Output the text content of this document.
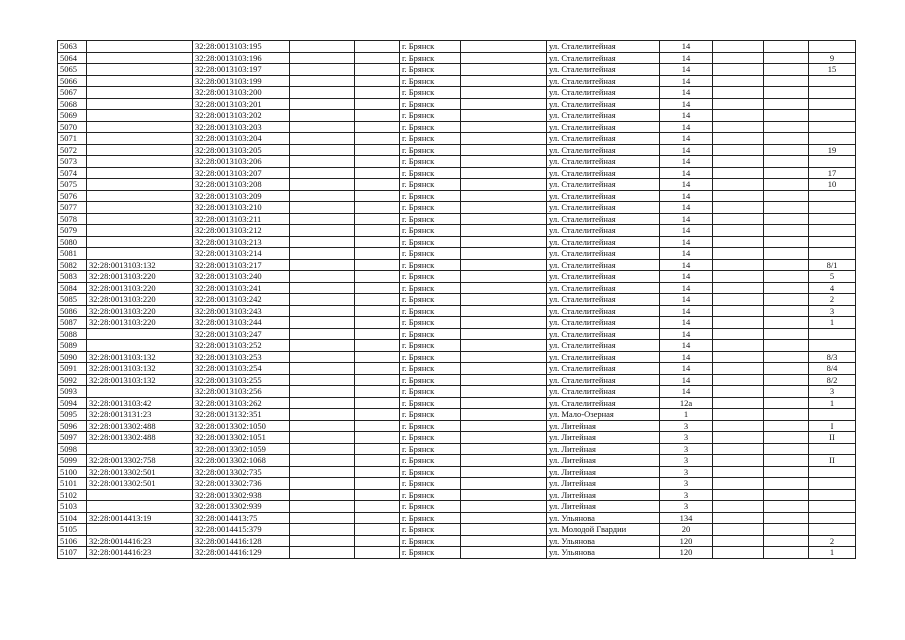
5063		32:28:0013103:195			г. Брянск		ул. Сталелитейная	14			
5064		32:28:0013103:196			г. Брянск		ул. Сталелитейная	14			9
5065		32:28:0013103:197			г. Брянск		ул. Сталелитейная	14			15
5066		32:28:0013103:199			г. Брянск		ул. Сталелитейная	14			
5067		32:28:0013103:200			г. Брянск		ул. Сталелитейная	14			
5068		32:28:0013103:201			г. Брянск		ул. Сталелитейная	14			
5069		32:28:0013103:202			г. Брянск		ул. Сталелитейная	14			
5070		32:28:0013103:203			г. Брянск		ул. Сталелитейная	14			
5071		32:28:0013103:204			г. Брянск		ул. Сталелитейная	14			
5072		32:28:0013103:205			г. Брянск		ул. Сталелитейная	14			19
5073		32:28:0013103:206			г. Брянск		ул. Сталелитейная	14			
5074		32:28:0013103:207			г. Брянск		ул. Сталелитейная	14			17
5075		32:28:0013103:208			г. Брянск		ул. Сталелитейная	14			10
5076		32:28:0013103:209			г. Брянск		ул. Сталелитейная	14			
5077		32:28:0013103:210			г. Брянск		ул. Сталелитейная	14			
5078		32:28:0013103:211			г. Брянск		ул. Сталелитейная	14			
5079		32:28:0013103:212			г. Брянск		ул. Сталелитейная	14			
5080		32:28:0013103:213			г. Брянск		ул. Сталелитейная	14			
5081		32:28:0013103:214			г. Брянск		ул. Сталелитейная	14			
5082	32:28:0013103:132	32:28:0013103:217			г. Брянск		ул. Сталелитейная	14			8/1
5083	32:28:0013103:220	32:28:0013103:240			г. Брянск		ул. Сталелитейная	14			5
5084	32:28:0013103:220	32:28:0013103:241			г. Брянск		ул. Сталелитейная	14			4
5085	32:28:0013103:220	32:28:0013103:242			г. Брянск		ул. Сталелитейная	14			2
5086	32:28:0013103:220	32:28:0013103:243			г. Брянск		ул. Сталелитейная	14			3
5087	32:28:0013103:220	32:28:0013103:244			г. Брянск		ул. Сталелитейная	14			1
5088		32:28:0013103:247			г. Брянск		ул. Сталелитейная	14			
5089		32:28:0013103:252			г. Брянск		ул. Сталелитейная	14			
5090	32:28:0013103:132	32:28:0013103:253			г. Брянск		ул. Сталелитейная	14			8/3
5091	32:28:0013103:132	32:28:0013103:254			г. Брянск		ул. Сталелитейная	14			8/4
5092	32:28:0013103:132	32:28:0013103:255			г. Брянск		ул. Сталелитейная	14			8/2
5093		32:28:0013103:256			г. Брянск		ул. Сталелитейная	14			3
5094	32:28:0013103:42	32:28:0013103:262			г. Брянск		ул. Сталелитейная	12а			1
5095	32:28:0013131:23	32:28:0013132:351			г. Брянск		ул. Мало-Озерная	1			
5096	32:28:0013302:488	32:28:0013302:1050			г. Брянск		ул. Литейная	3			I
5097	32:28:0013302:488	32:28:0013302:1051			г. Брянск		ул. Литейная	3			II
5098		32:28:0013302:1059			г. Брянск		ул. Литейная	3			
5099	32:28:0013302:758	32:28:0013302:1068			г. Брянск		ул. Литейная	3			II
5100	32:28:0013302:501	32:28:0013302:735			г. Брянск		ул. Литейная	3			
5101	32:28:0013302:501	32:28:0013302:736			г. Брянск		ул. Литейная	3			
5102		32:28:0013302:938			г. Брянск		ул. Литейная	3			
5103		32:28:0013302:939			г. Брянск		ул. Литейная	3			
5104	32:28:0014413:19	32:28:0014413:75			г. Брянск		ул. Ульянова	134			
5105		32:28:0014415:379			г. Брянск		ул. Молодой Гвардии	20			
5106	32:28:0014416:23	32:28:0014416:128			г. Брянск		ул. Ульянова	120			2
5107	32:28:0014416:23	32:28:0014416:129			г. Брянск		ул. Ульянова	120			1
